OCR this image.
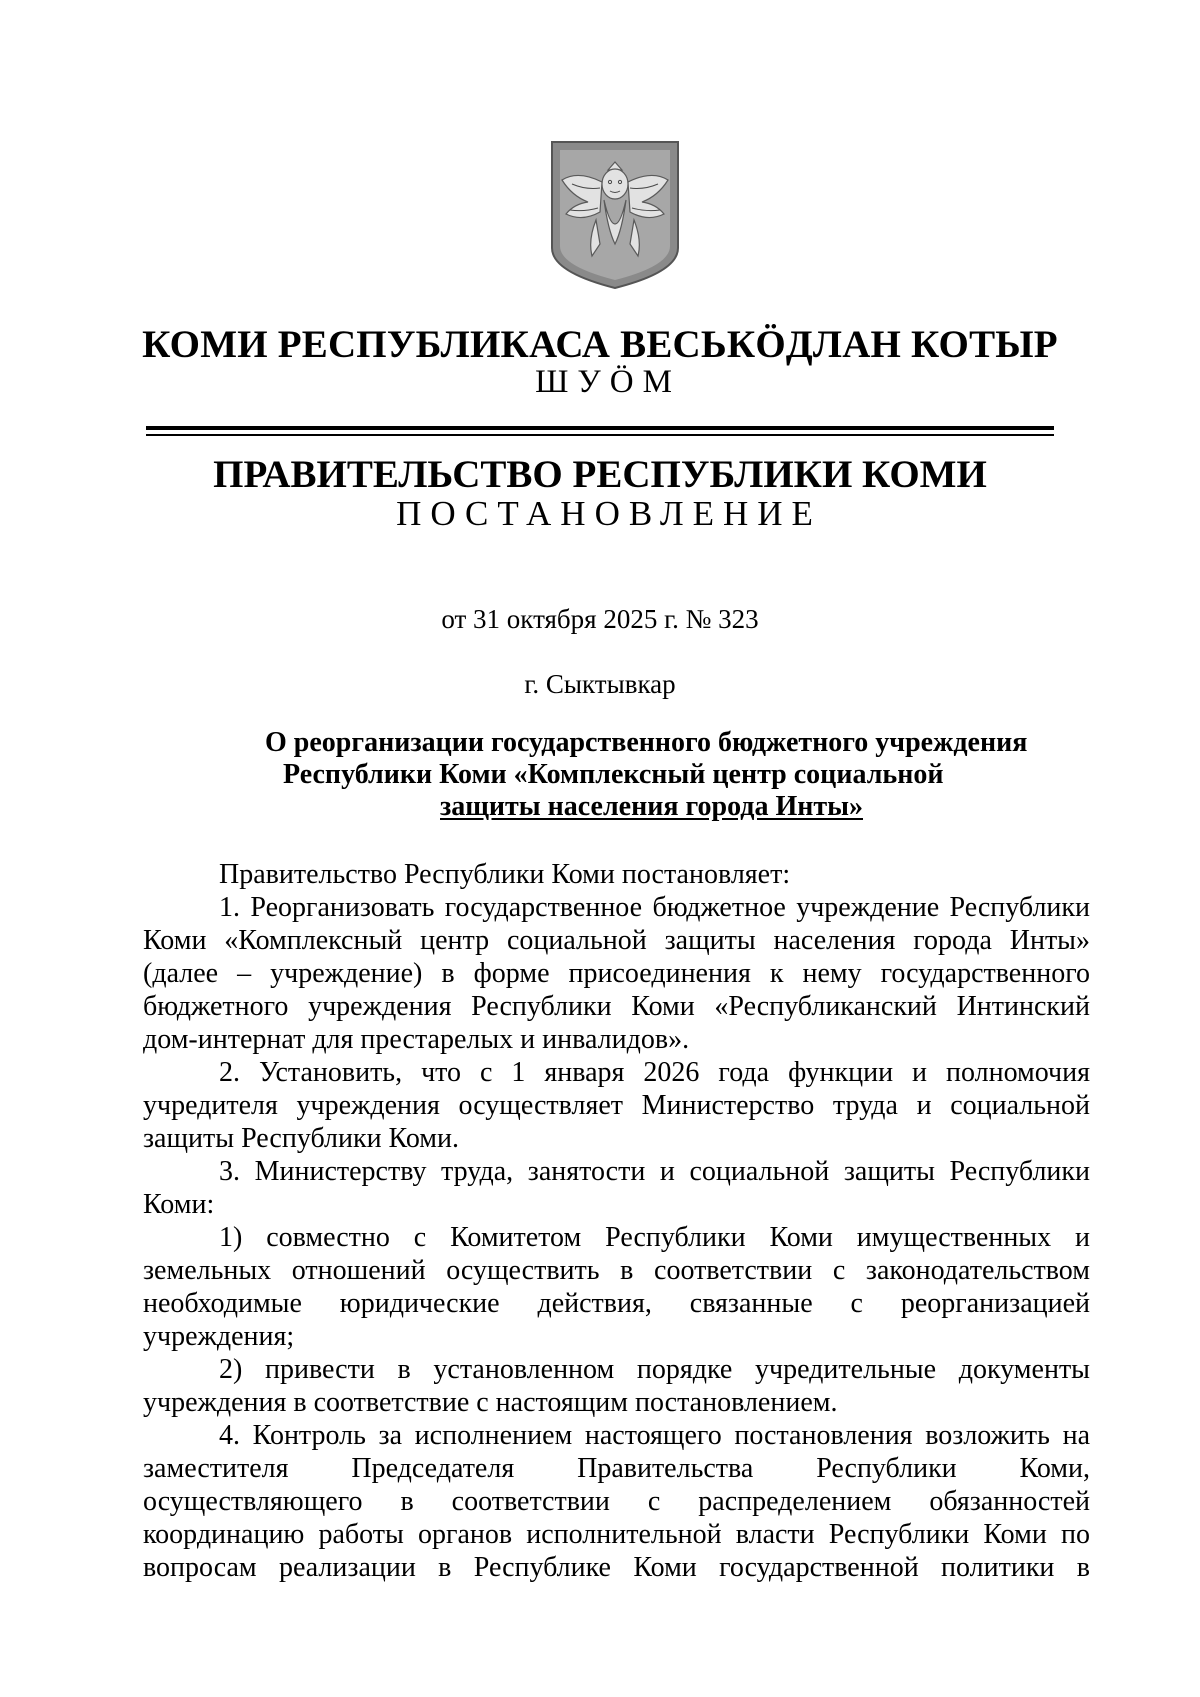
КОМИ РЕСПУБЛИКАСА ВЕСЬКӦДЛАН КОТЫР
ШУӦМ
ПРАВИТЕЛЬСТВО РЕСПУБЛИКИ КОМИ
ПОСТАНОВЛЕНИЕ
от 31 октября 2025 г. № 323
г. Сыктывкар
О реорганизации государственного бюджетного учреждения
Республики Коми «Комплексный центр социальной
защиты населения города Инты»

Правительство Республики Коми постановляет:

1. Реорганизовать государственное бюджетное учреждение Республики
Коми «Комплексный центр социальной защиты населения города Инты»
(далее – учреждение) в форме присоединения к нему государственного
бюджетного учреждения Республики Коми «Республиканский Интинский
дом-интернат для престарелых и инвалидов».

2. Установить, что с 1 января 2026 года функции и полномочия
учредителя учреждения осуществляет Министерство труда и социальной
защиты Республики Коми.

3. Министерству труда, занятости и социальной защиты Республики
Коми:

1) совместно с Комитетом Республики Коми имущественных и
земельных отношений осуществить в соответствии с законодательством
необходимые юридические действия, связанные с реорганизацией
учреждения;

2) привести в установленном порядке учредительные документы
учреждения в соответствие с настоящим постановлением.

4. Контроль за исполнением настоящего постановления возложить на
заместителя Председателя Правительства Республики Коми,
осуществляющего в соответствии с распределением обязанностей
координацию работы органов исполнительной власти Республики Коми по
вопросам реализации в Республике Коми государственной политики в
